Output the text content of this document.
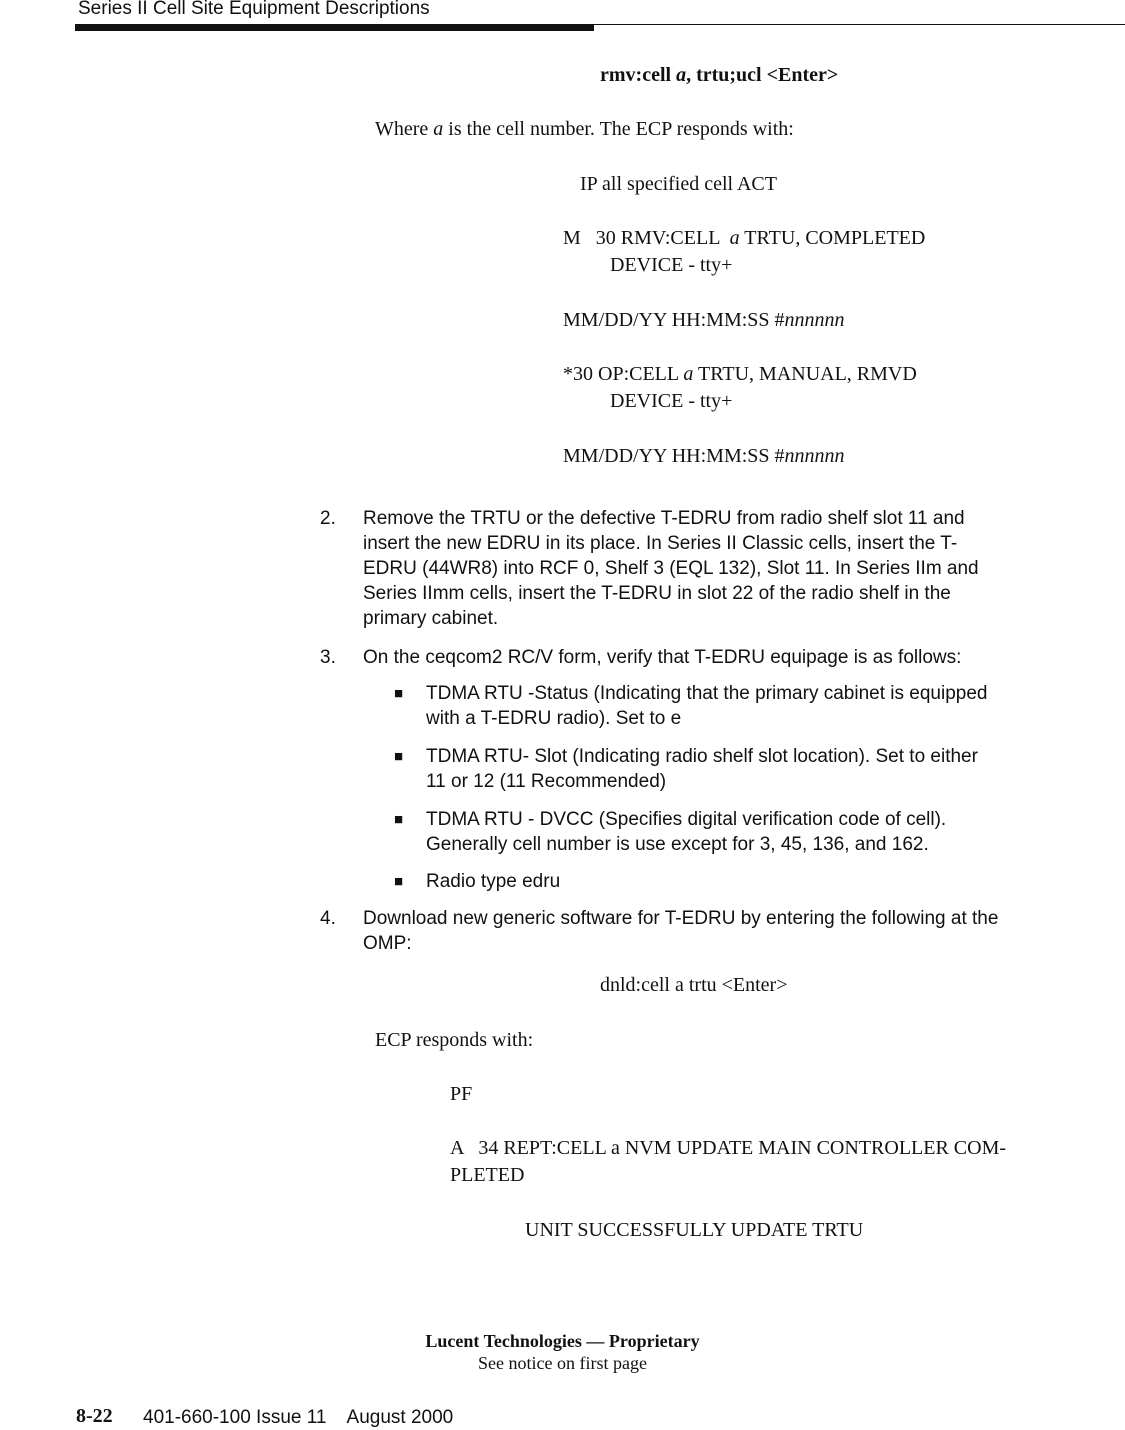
Series II Cell Site Equipment Descriptions
rmv:cell a, trtu;ucl <Enter>
Where a is the cell number. The ECP responds with:
IP all specified cell ACT
M   30 RMV:CELL  a TRTU, COMPLETED
DEVICE - tty+
MM/DD/YY HH:MM:SS #nnnnnn
*30 OP:CELL a TRTU, MANUAL, RMVD
DEVICE - tty+
MM/DD/YY HH:MM:SS #nnnnnn
2. Remove the TRTU or the defective T-EDRU from radio shelf slot 11 and
insert the new EDRU in its place. In Series II Classic cells, insert the T-
EDRU (44WR8) into RCF 0, Shelf 3 (EQL 132), Slot 11. In Series IIm and
Series IImm cells, insert the T-EDRU in slot 22 of the radio shelf in the
primary cabinet.
3. On the ceqcom2 RC/V form, verify that T-EDRU equipage is as follows:
■ TDMA RTU -Status (Indicating that the primary cabinet is equipped
with a T-EDRU radio). Set to e
■ TDMA RTU- Slot (Indicating radio shelf slot location). Set to either
11 or 12 (11 Recommended)
■ TDMA RTU - DVCC (Specifies digital verification code of cell).
Generally cell number is use except for 3, 45, 136, and 162.
■ Radio type edru
4. Download new generic software for T-EDRU by entering the following at the
OMP:
dnld:cell a trtu <Enter>
ECP responds with:
PF
A   34 REPT:CELL a NVM UPDATE MAIN CONTROLLER COM-
PLETED
UNIT SUCCESSFULLY UPDATE TRTU
Lucent Technologies — Proprietary
See notice on first page
8-22 401-660-100 Issue 11    August 2000
